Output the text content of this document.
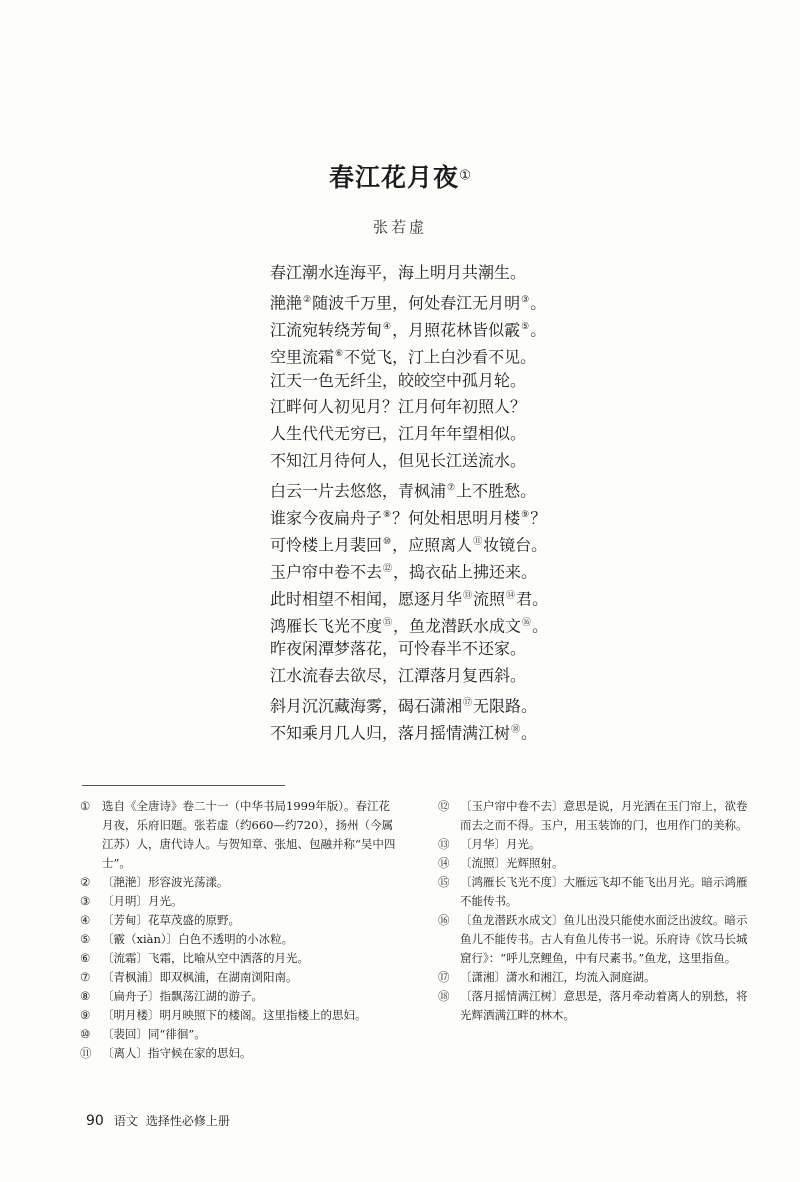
春江花月夜①
张若虚
春江潮水连海平，海上明月共潮生。
滟滟②随波千万里，何处春江无月明③。
江流宛转绕芳甸④，月照花林皆似霰⑤。
空里流霜⑥不觉飞，汀上白沙看不见。
江天一色无纤尘，皎皎空中孤月轮。
江畔何人初见月？江月何年初照人？
人生代代无穷已，江月年年望相似。
不知江月待何人，但见长江送流水。
白云一片去悠悠，青枫浦⑦上不胜愁。
谁家今夜扁舟子⑧？何处相思明月楼⑨？
可怜楼上月裴回⑩，应照离人⑪妆镜台。
玉户帘中卷不去⑫，捣衣砧上拂还来。
此时相望不相闻，愿逐月华⑬流照⑭君。
鸿雁长飞光不度⑮，鱼龙潜跃水成文⑯。
昨夜闲潭梦落花，可怜春半不还家。
江水流春去欲尽，江潭落月复西斜。
斜月沉沉藏海雾，碣石潇湘⑰无限路。
不知乘月几人归，落月摇情满江树⑱。
①	选自《全唐诗》卷二十一（中华书局1999年版）。春江花月夜，乐府旧题。张若虚（约660—约720），扬州（今属江苏）人，唐代诗人。与贺知章、张旭、包融并称“吴中四士”。
②	〔滟滟〕形容波光荡漾。
③	〔月明〕月光。
④	〔芳甸〕花草茂盛的原野。
⑤	〔霰（xiàn）〕白色不透明的小冰粒。
⑥	〔流霜〕飞霜，比喻从空中洒落的月光。
⑦	〔青枫浦〕即双枫浦，在湖南浏阳南。
⑧	〔扁舟子〕指飘荡江湖的游子。
⑨	〔明月楼〕明月映照下的楼阁。这里指楼上的思妇。
⑩	〔裴回〕同“徘徊”。
⑪ 〔离人〕指守候在家的思妇。
⑫ 〔玉户帘中卷不去〕意思是说，月光洒在玉门帘上，欲卷而去之而不得。玉户，用玉装饰的门，也用作门的美称。
⑬ 〔月华〕月光。
⑭ 〔流照〕光辉照射。
⑮ 〔鸿雁长飞光不度〕大雁远飞却不能飞出月光。暗示鸿雁不能传书。
⑯ 〔鱼龙潜跃水成文〕鱼儿出没只能使水面泛出波纹。暗示鱼儿不能传书。古人有鱼儿传书一说。乐府诗《饮马长城窟行》：“呼儿烹鲤鱼，中有尺素书。”鱼龙，这里指鱼。
⑰ 〔潇湘〕潇水和湘江，均流入洞庭湖。
⑱ 〔落月摇情满江树〕意思是，落月牵动着离人的别愁，将光辉洒满江畔的林木。
90 语文 选择性必修上册
